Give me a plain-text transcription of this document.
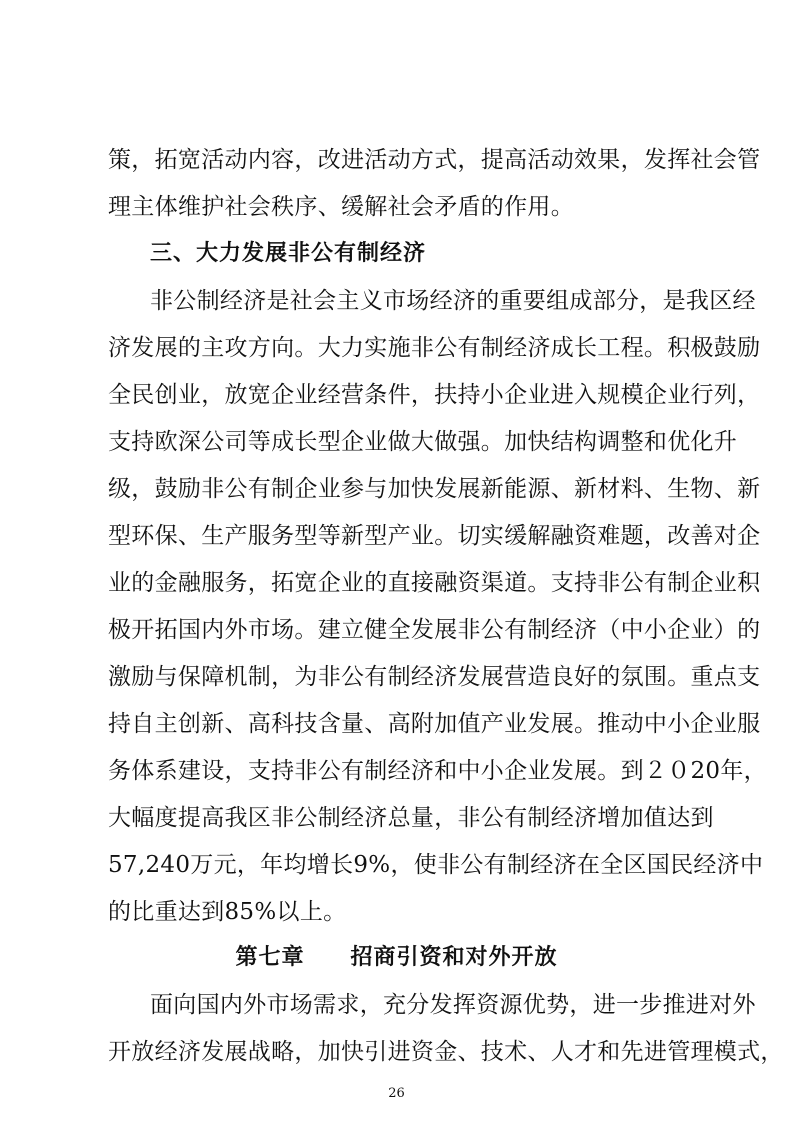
策，拓宽活动内容，改进活动方式，提高活动效果，发挥社会管
理主体维护社会秩序、缓解社会矛盾的作用。
三、大力发展非公有制经济
非公制经济是社会主义市场经济的重要组成部分，是我区经
济发展的主攻方向。大力实施非公有制经济成长工程。积极鼓励
全民创业，放宽企业经营条件，扶持小企业进入规模企业行列，
支持欧深公司等成长型企业做大做强。加快结构调整和优化升
级，鼓励非公有制企业参与加快发展新能源、新材料、生物、新
型环保、生产服务型等新型产业。切实缓解融资难题，改善对企
业的金融服务，拓宽企业的直接融资渠道。支持非公有制企业积
极开拓国内外市场。建立健全发展非公有制经济（中小企业）的
激励与保障机制，为非公有制经济发展营造良好的氛围。重点支
持自主创新、高科技含量、高附加值产业发展。推动中小企业服
务体系建设，支持非公有制经济和中小企业发展。到２０20年，
大幅度提高我区非公制经济总量，非公有制经济增加值达到
57,240万元，年均增长9%，使非公有制经济在全区国民经济中
的比重达到85%以上。
第七章　　招商引资和对外开放
面向国内外市场需求，充分发挥资源优势，进一步推进对外
开放经济发展战略，加快引进资金、技术、人才和先进管理模式，
26
